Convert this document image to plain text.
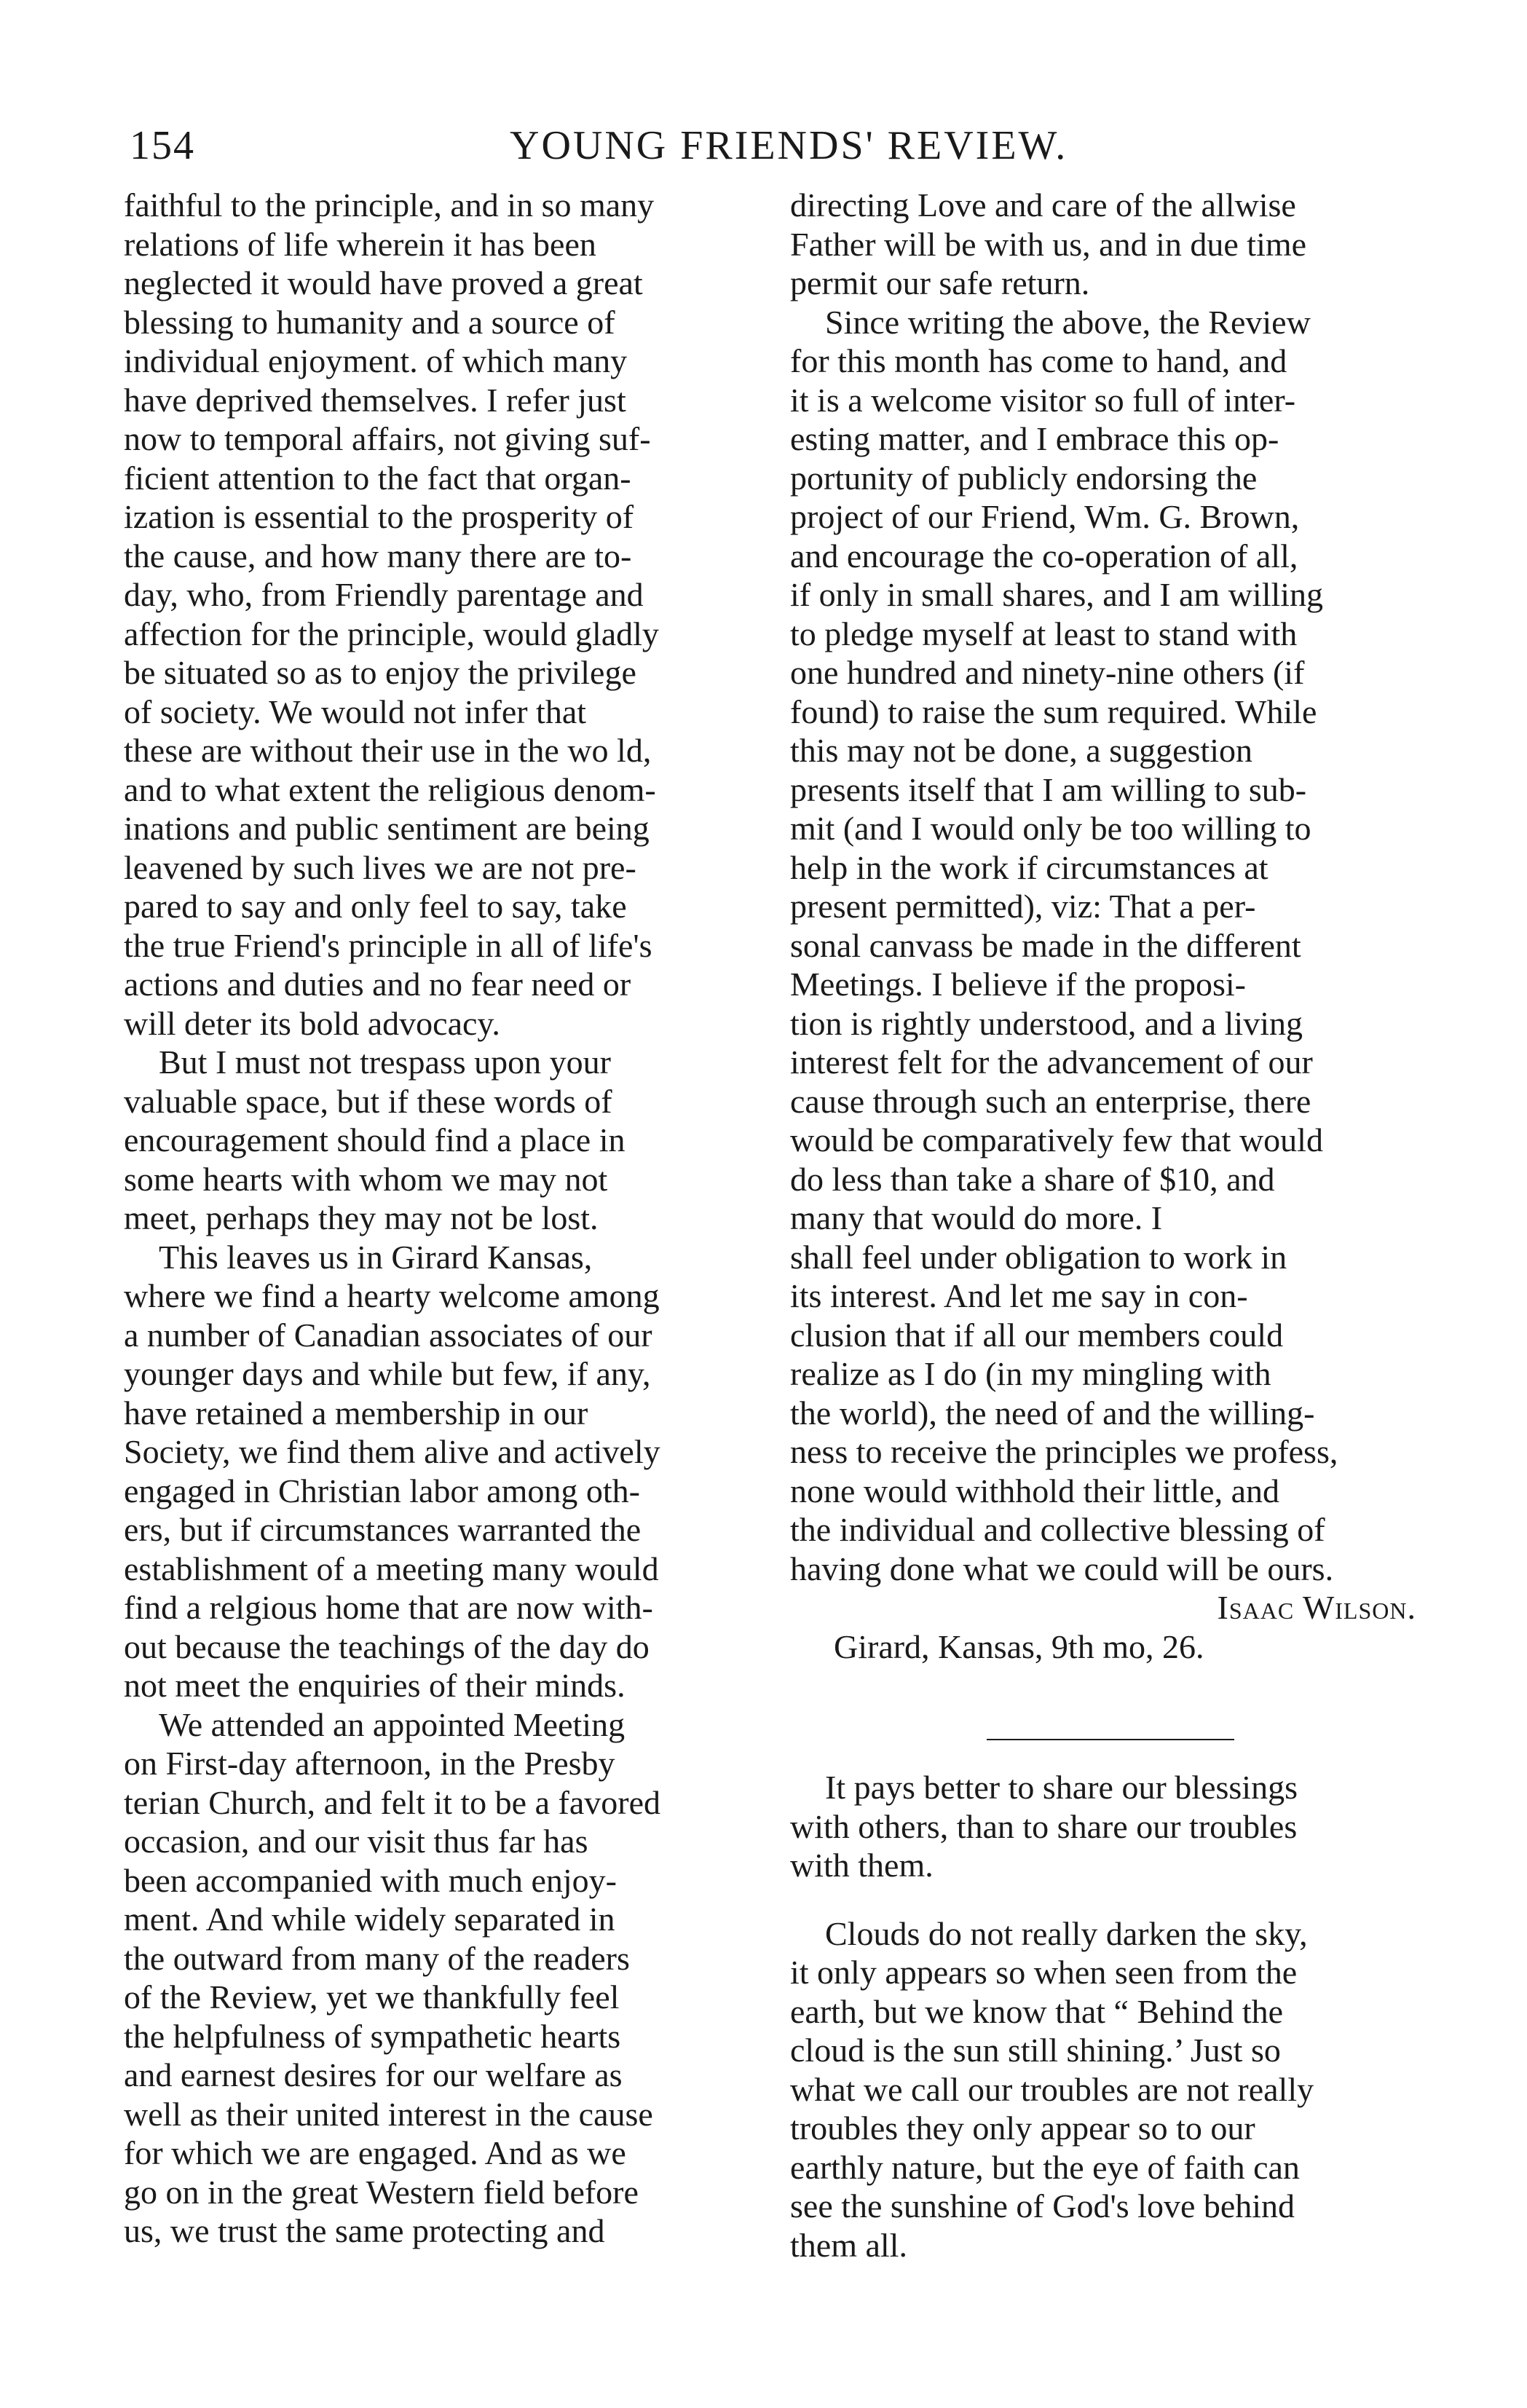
154	YOUNG FRIENDS' REVIEW.

faithful to the principle, and in so many
relations of life wherein it has been
neglected it would have proved a great
blessing to humanity and a source of
individual enjoyment. of which many
have deprived themselves. I refer just
now to temporal affairs, not giving suf-
ficient attention to the fact that organ-
ization is essential to the prosperity of
the cause, and how many there are to-
day, who, from Friendly parentage and
affection for the principle, would gladly
be situated so as to enjoy the privilege
of society. We would not infer that
these are without their use in the wo ld,
and to what extent the religious denom-
inations and public sentiment are being
leavened by such lives we are not pre-
pared to say and only feel to say, take
the true Friend's principle in all of life's
actions and duties and no fear need or
will deter its bold advocacy.

But I must not trespass upon your
valuable space, but if these words of
encouragement should find a place in
some hearts with whom we may not
meet, perhaps they may not be lost.

This leaves us in Girard Kansas,
where we find a hearty welcome among
a number of Canadian associates of our
younger days and while but few, if any,
have retained a membership in our
Society, we find them alive and actively
engaged in Christian labor among oth-
ers, but if circumstances warranted the
establishment of a meeting many would
find a relgious home that are now with-
out because the teachings of the day do
not meet the enquiries of their minds.

We attended an appointed Meeting
on First-day afternoon, in the Presby
terian Church, and felt it to be a favored
occasion, and our visit thus far has
been accompanied with much enjoy-
ment. And while widely separated in
the outward from many of the readers
of the Review, yet we thankfully feel
the helpfulness of sympathetic hearts
and earnest desires for our welfare as
well as their united interest in the cause
for which we are engaged. And as we
go on in the great Western field before
us, we trust the same protecting and

directing Love and care of the allwise
Father will be with us, and in due time
permit our safe return.

Since writing the above, the Review
for this month has come to hand, and
it is a welcome visitor so full of inter-
esting matter, and I embrace this op-
portunity of publicly endorsing the
project of our Friend, Wm. G. Brown,
and encourage the co-operation of all,
if only in small shares, and I am willing
to pledge myself at least to stand with
one hundred and ninety-nine others (if
found) to raise the sum required. While
this may not be done, a suggestion
presents itself that I am willing to sub-
mit (and I would only be too willing to
help in the work if circumstances at
present permitted), viz: That a per-
sonal canvass be made in the different
Meetings. I believe if the proposi-
tion is rightly understood, and a living
interest felt for the advancement of our
cause through such an enterprise, there
would be comparatively few that would
do less than take a share of $10, and
many that would do more. I
shall feel under obligation to work in
its interest. And let me say in con-
clusion that if all our members could
realize as I do (in my mingling with
the world), the need of and the willing-
ness to receive the principles we profess,
none would withhold their little, and
the individual and collective blessing of
having done what we could will be ours.

Isaac Wilson.

Girard, Kansas, 9th mo, 26.

It pays better to share our blessings
with others, than to share our troubles
with them.

Clouds do not really darken the sky,
it only appears so when seen from the
earth, but we know that “ Behind the
cloud is the sun still shining.’ Just so
what we call our troubles are not really
troubles they only appear so to our
earthly nature, but the eye of faith can
see the sunshine of God's love behind
them all.
